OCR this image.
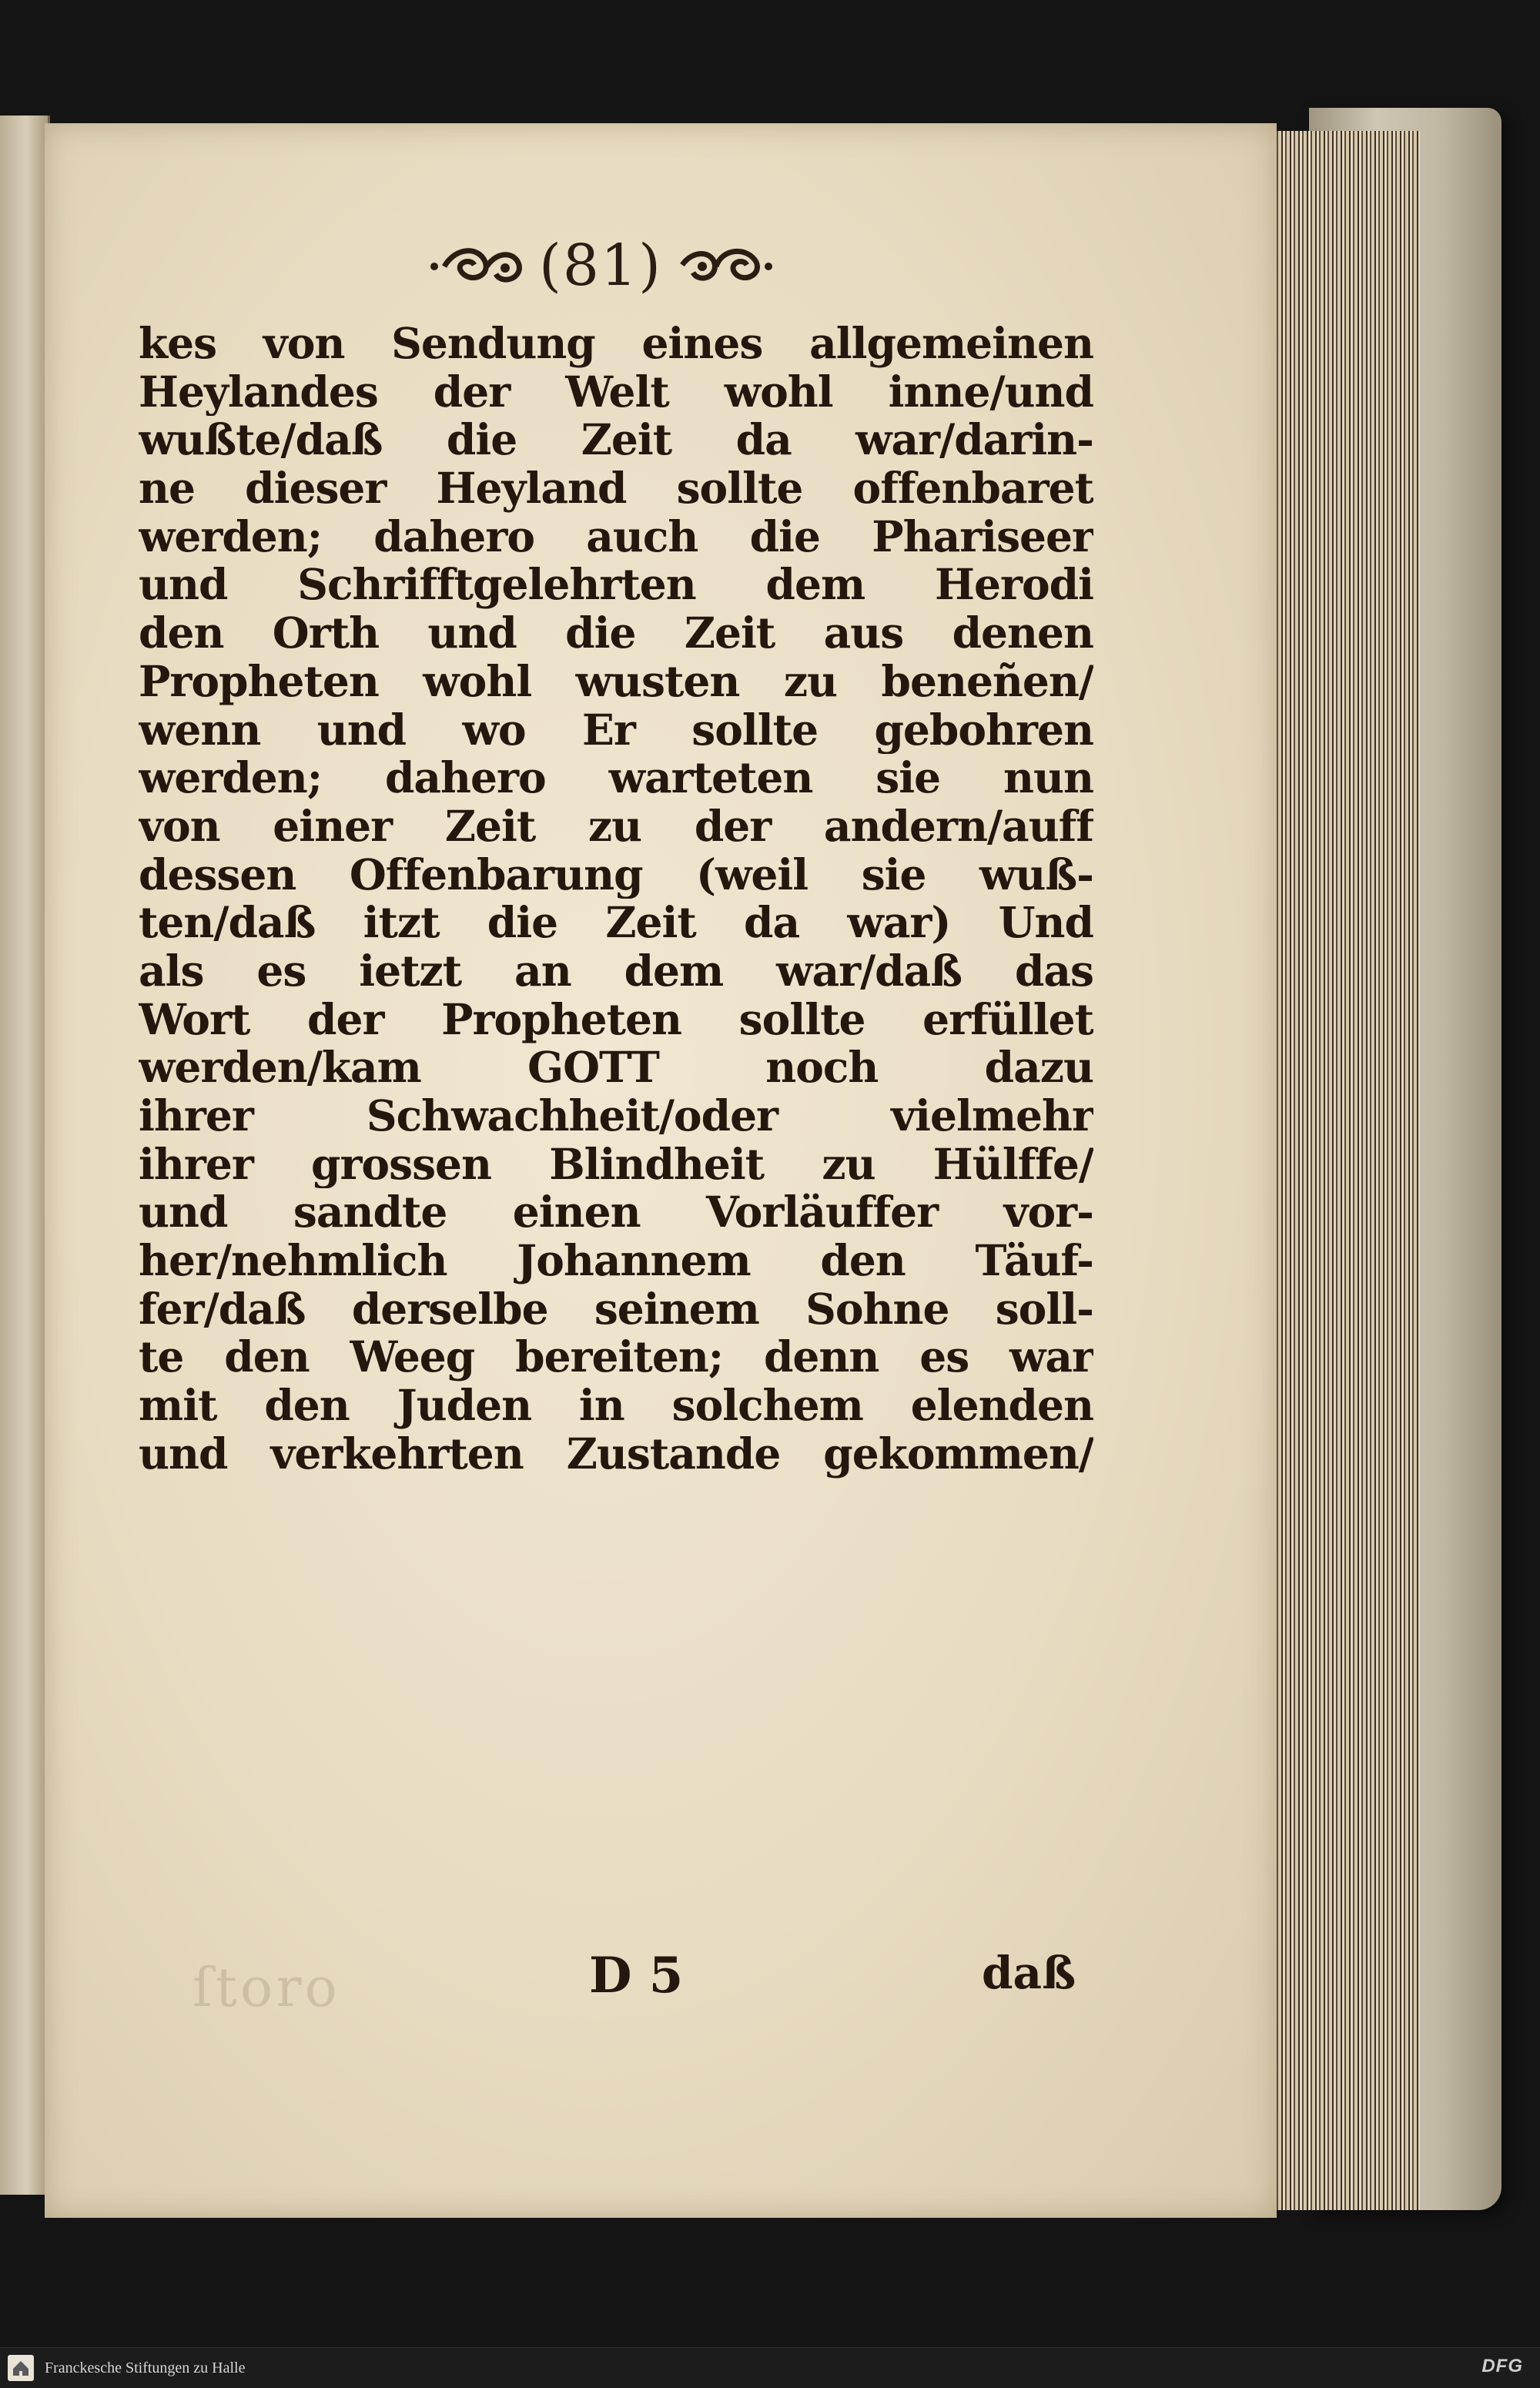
ſtoro
(81)
kes von Sendung eines allgemeinen
Heylandes der Welt wohl inne/und
wußte/daß die Zeit da war/darin-
ne dieser Heyland sollte offenbaret
werden; dahero auch die Phariseer
und Schrifftgelehrten dem Herodi
den Orth und die Zeit aus denen
Propheten wohl wusten zu beneñen/
wenn und wo Er sollte gebohren
werden; dahero warteten sie nun
von einer Zeit zu der andern/auff
dessen Offenbarung (weil sie wuß-
ten/daß itzt die Zeit da war) Und
als es ietzt an dem war/daß das
Wort der Propheten sollte erfüllet
werden/kam GOTT noch dazu
ihrer Schwachheit/oder vielmehr
ihrer grossen Blindheit zu Hülffe/
und sandte einen Vorläuffer vor-
her/nehmlich Johannem den Täuf-
fer/daß derselbe seinem Sohne soll-
te den Weeg bereiten; denn es war
mit den Juden in solchem elenden
und verkehrten Zustande gekommen/
D 5	daß
Franckesche Stiftungen zu Halle	DFG
